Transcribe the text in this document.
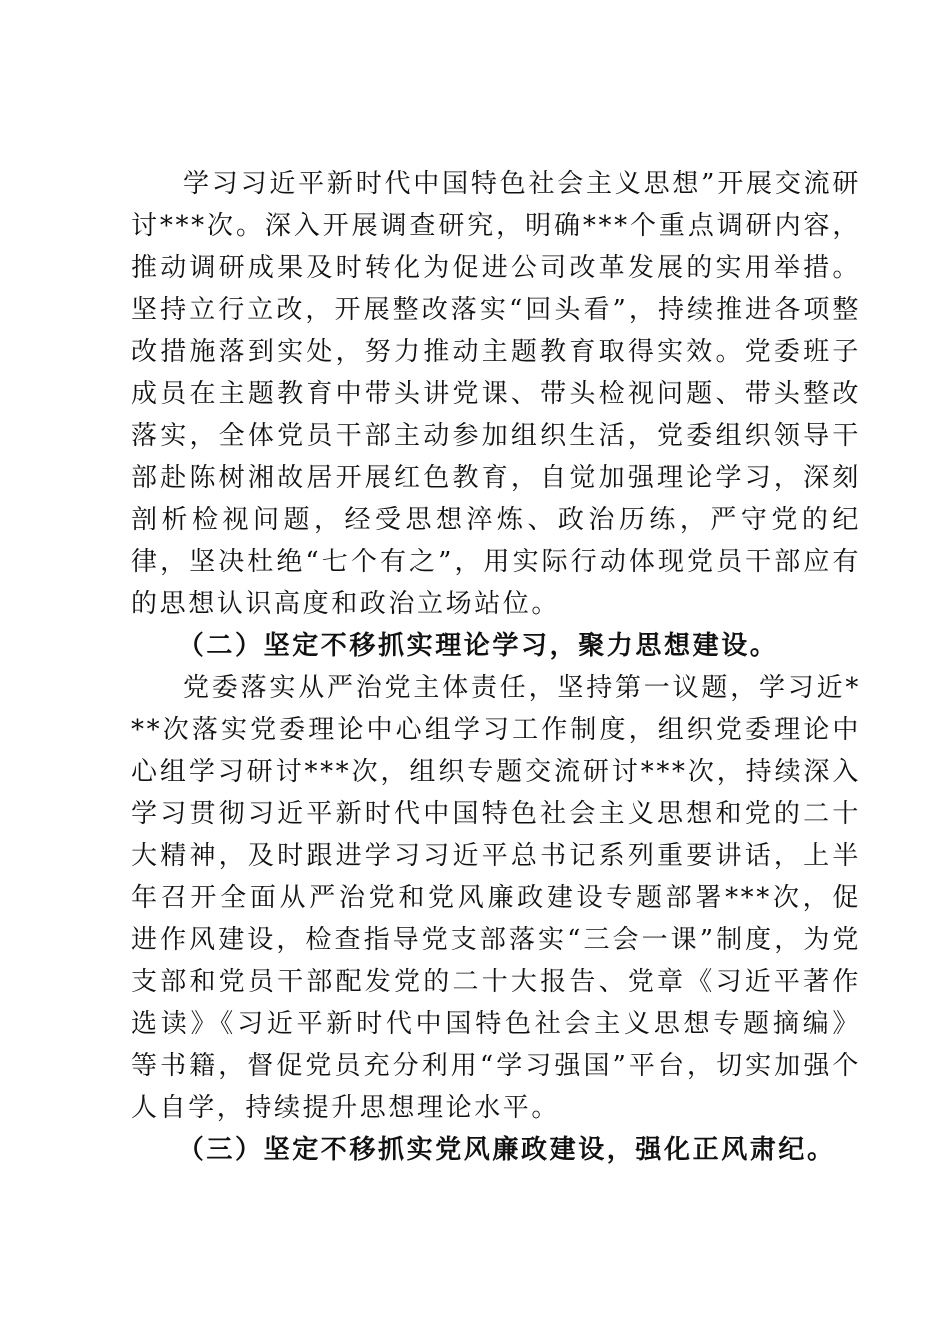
学习习近平新时代中国特色社会主义思想”开展交流研讨***次。深入开展调查研究，明确***个重点调研内容，推动调研成果及时转化为促进公司改革发展的实用举措。坚持立行立改，开展整改落实“回头看”，持续推进各项整改措施落到实处，努力推动主题教育取得实效。党委班子成员在主题教育中带头讲党课、带头检视问题、带头整改落实，全体党员干部主动参加组织生活，党委组织领导干部赴陈树湘故居开展红色教育，自觉加强理论学习，深刻剖析检视问题，经受思想淬炼、政治历练，严守党的纪律，坚决杜绝“七个有之”，用实际行动体现党员干部应有的思想认识高度和政治立场站位。

（二）坚定不移抓实理论学习，聚力思想建设。

党委落实从严治党主体责任，坚持第一议题，学习近***次落实党委理论中心组学习工作制度，组织党委理论中心组学习研讨***次，组织专题交流研讨***次，持续深入学习贯彻习近平新时代中国特色社会主义思想和党的二十大精神，及时跟进学习习近平总书记系列重要讲话，上半年召开全面从严治党和党风廉政建设专题部署***次，促进作风建设，检查指导党支部落实“三会一课”制度，为党支部和党员干部配发党的二十大报告、党章《习近平著作选读》《习近平新时代中国特色社会主义思想专题摘编》等书籍，督促党员充分利用“学习强国”平台，切实加强个人自学，持续提升思想理论水平。

（三）坚定不移抓实党风廉政建设，强化正风肃纪。
